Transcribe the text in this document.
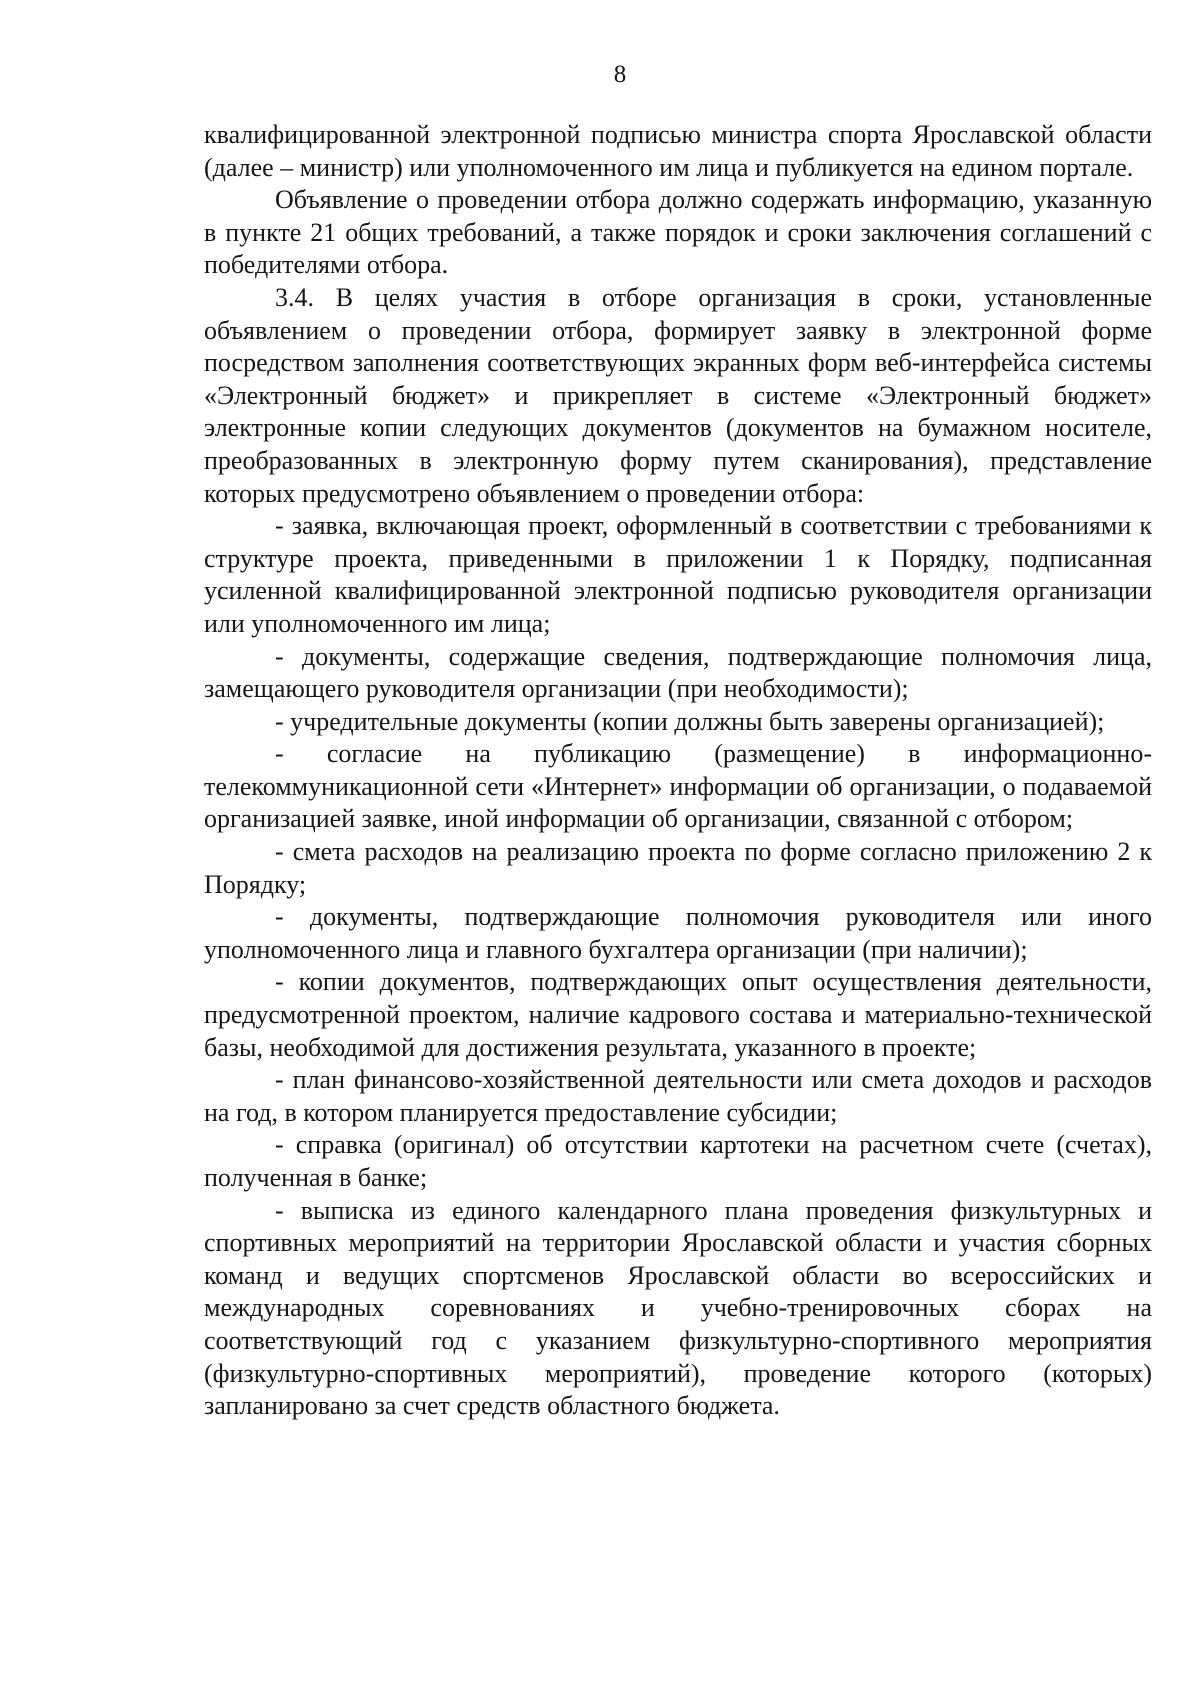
8

квалифицированной электронной подписью министра спорта Ярославской области (далее – министр) или уполномоченного им лица и публикуется на едином портале.

Объявление о проведении отбора должно содержать информацию, указанную в пункте 21 общих требований, а также порядок и сроки заключения соглашений с победителями отбора.

3.4. В целях участия в отборе организация в сроки, установленные объявлением о проведении отбора, формирует заявку в электронной форме посредством заполнения соответствующих экранных форм веб-интерфейса системы «Электронный бюджет» и прикрепляет в системе «Электронный бюджет» электронные копии следующих документов (документов на бумажном носителе, преобразованных в электронную форму путем сканирования), представление которых предусмотрено объявлением о проведении отбора:

- заявка, включающая проект, оформленный в соответствии с требованиями к структуре проекта, приведенными в приложении 1 к Порядку, подписанная усиленной квалифицированной электронной подписью руководителя организации или уполномоченного им лица;

- документы, содержащие сведения, подтверждающие полномочия лица, замещающего руководителя организации (при необходимости);

- учредительные документы (копии должны быть заверены организацией);

- согласие на публикацию (размещение) в информационно-телекоммуникационной сети «Интернет» информации об организации, о подаваемой организацией заявке, иной информации об организации, связанной с отбором;

- смета расходов на реализацию проекта по форме согласно приложению 2 к Порядку;

- документы, подтверждающие полномочия руководителя или иного уполномоченного лица и главного бухгалтера организации (при наличии);

- копии документов, подтверждающих опыт осуществления деятельности, предусмотренной проектом, наличие кадрового состава и материально-технической базы, необходимой для достижения результата, указанного в проекте;

- план финансово-хозяйственной деятельности или смета доходов и расходов на год, в котором планируется предоставление субсидии;

- справка (оригинал) об отсутствии картотеки на расчетном счете (счетах), полученная в банке;

- выписка из единого календарного плана проведения физкультурных и спортивных мероприятий на территории Ярославской области и участия сборных команд и ведущих спортсменов Ярославской области во всероссийских и международных соревнованиях и учебно-тренировочных сборах на соответствующий год с указанием физкультурно-спортивного мероприятия (физкультурно-спортивных мероприятий), проведение которого (которых) запланировано за счет средств областного бюджета.
